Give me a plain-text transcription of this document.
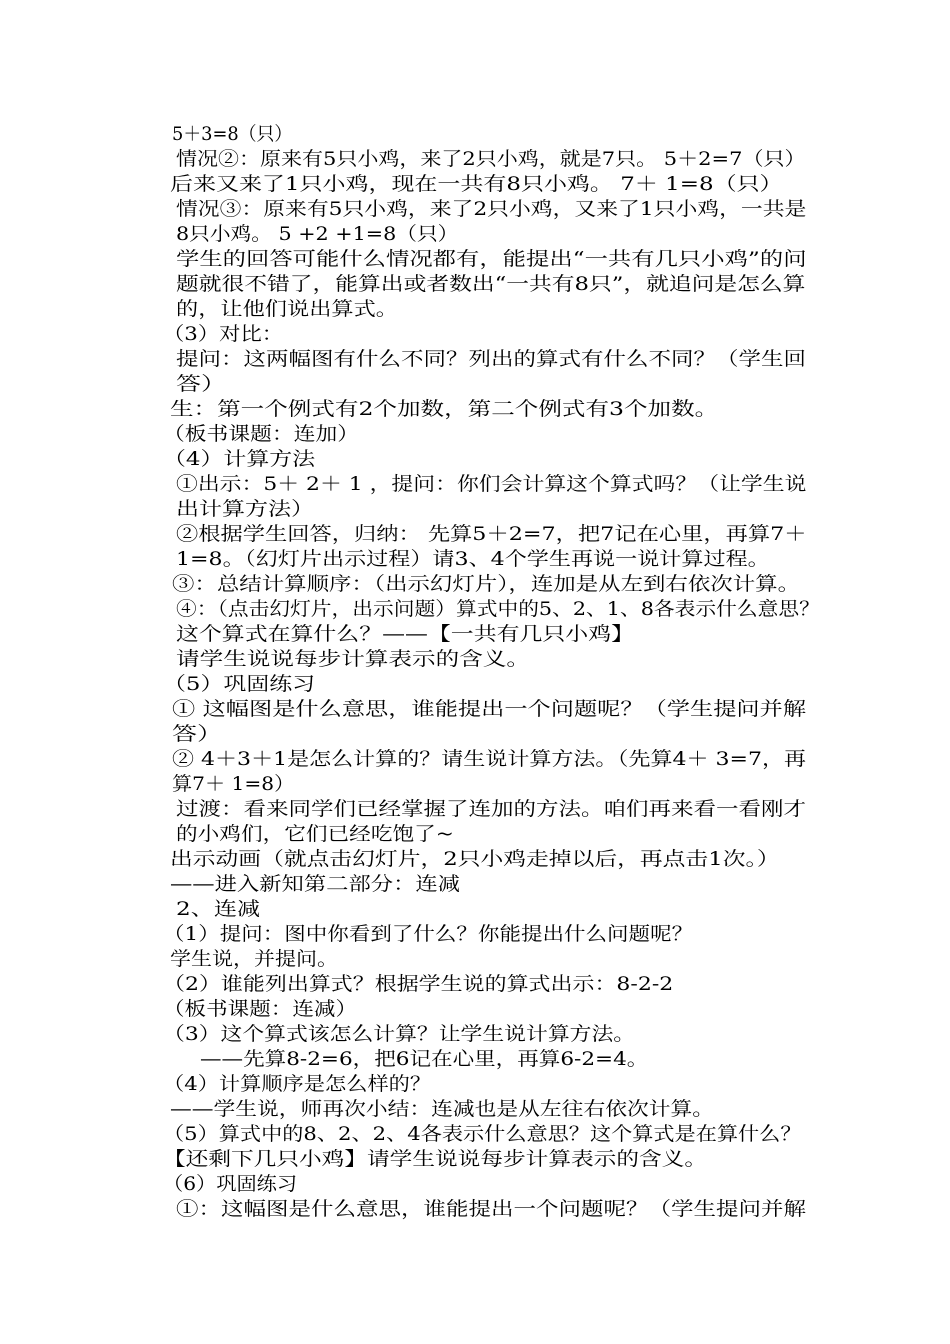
5＋3=8（只）
情况②：原来有5只小鸡，来了2只小鸡，就是7只。 5＋2=7（只）
后来又来了1只小鸡，现在一共有8只小鸡。 7＋ 1=8（只）
情况③：原来有5只小鸡，来了2只小鸡，又来了1只小鸡，一共是
8只小鸡。 5 +2 +1=8（只）
学生的回答可能什么情况都有，能提出“一共有几只小鸡”的问
题就很不错了，能算出或者数出“一共有8只”，就追问是怎么算
的，让他们说出算式。
（3）对比：
提问：这两幅图有什么不同？列出的算式有什么不同？（学生回
答）
生：第一个例式有2个加数，第二个例式有3个加数。
（板书课题：连加）
（4）计算方法
①出示：5＋ 2＋ 1 ，提问：你们会计算这个算式吗？（让学生说
出计算方法）
②根据学生回答，归纳： 先算5＋2=7，把7记在心里，再算7＋
1=8。（幻灯片出示过程）请3、4个学生再说一说计算过程。
③：总结计算顺序：（出示幻灯片），连加是从左到右依次计算。
④：（点击幻灯片，出示问题）算式中的5、2、1、8各表示什么意思？
这个算式在算什么？——【一共有几只小鸡】
请学生说说每步计算表示的含义。
（5）巩固练习
① 这幅图是什么意思，谁能提出一个问题呢？（学生提问并解
答）
② 4＋3＋1是怎么计算的？请生说计算方法。（先算4＋ 3=7，再
算7＋ 1=8）
过渡：看来同学们已经掌握了连加的方法。咱们再来看一看刚才
的小鸡们，它们已经吃饱了~
出示动画（就点击幻灯片，2只小鸡走掉以后，再点击1次。）
——进入新知第二部分：连减
2、连减
（1）提问：图中你看到了什么？你能提出什么问题呢？
学生说，并提问。
（2）谁能列出算式？根据学生说的算式出示：8-2-2
（板书课题：连减）
（3）这个算式该怎么计算？让学生说计算方法。
——先算8-2=6，把6记在心里，再算6-2=4。
（4）计算顺序是怎么样的？
——学生说，师再次小结：连减也是从左往右依次计算。
（5）算式中的8、2、2、4各表示什么意思？这个算式是在算什么？
【还剩下几只小鸡】请学生说说每步计算表示的含义。
（6）巩固练习
①：这幅图是什么意思，谁能提出一个问题呢？（学生提问并解
